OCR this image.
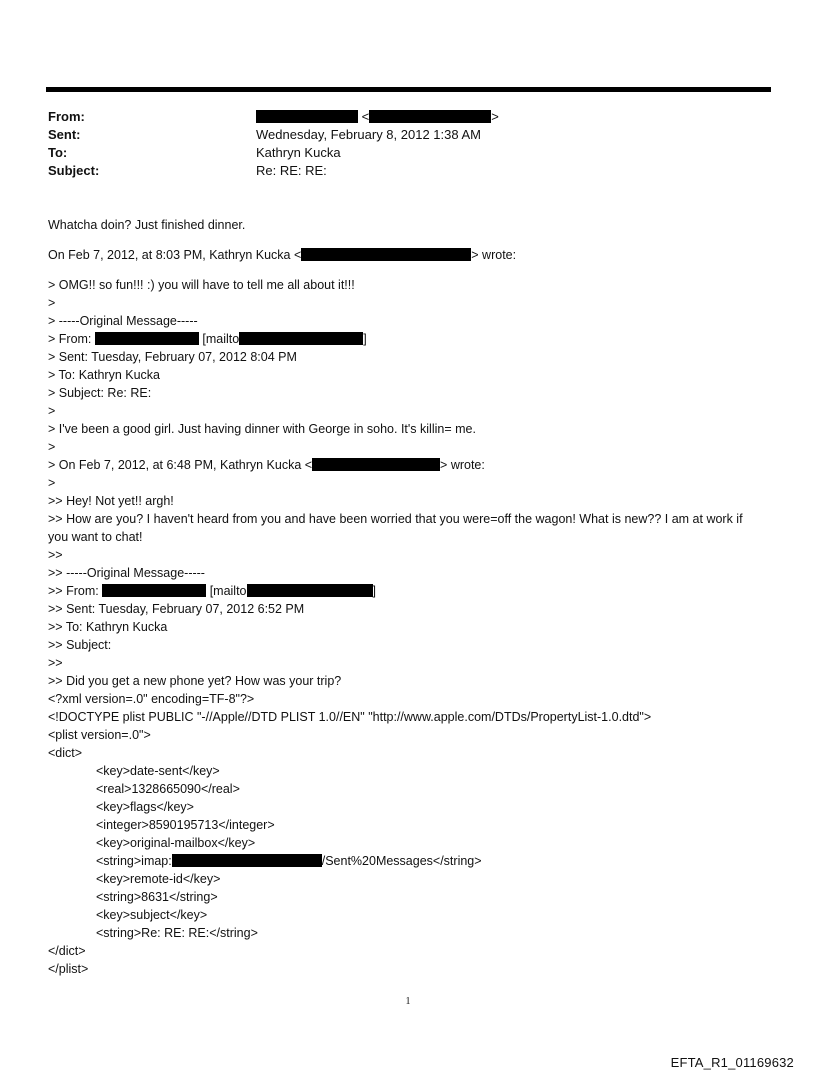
From:	<	>
Sent:	Wednesday, February 8, 2012 1:38 AM
To:	Kathryn Kucka
Subject:	Re: RE: RE:
Whatcha doin? Just finished dinner.
On Feb 7, 2012, at 8:03 PM, Kathryn Kucka <	> wrote:
> OMG!! so fun!!! :) you will have to tell me all about it!!!
>
> -----Original Message-----
> From:	[mailto	]
> Sent: Tuesday, February 07, 2012 8:04 PM
> To: Kathryn Kucka
> Subject: Re: RE:
>
> I've been a good girl. Just having dinner with George in soho. It's killin= me.
>
> On Feb 7, 2012, at 6:48 PM, Kathryn Kucka <	> wrote:
>
>> Hey! Not yet!! argh!
>> How are you? I haven't heard from you and have been worried that you were=off the wagon! What is new?? I am at work if you want to chat!
>>
>> -----Original Message-----
>> From:	[mailto	]
>> Sent: Tuesday, February 07, 2012 6:52 PM
>> To: Kathryn Kucka
>> Subject:
>>
>> Did you get a new phone yet? How was your trip?
<?xml version=.0" encoding=TF-8"?>
<!DOCTYPE plist PUBLIC "-//Apple//DTD PLIST 1.0//EN" "http://www.apple.com/DTDs/PropertyList-1.0.dtd">
<plist version=.0">
<dict>
<key>date-sent</key>
<real>1328665090</real>
<key>flags</key>
<integer>8590195713</integer>
<key>original-mailbox</key>
<string>imap:	/Sent%20Messages</string>
<key>remote-id</key>
<string>8631</string>
<key>subject</key>
<string>Re: RE: RE:</string>
</dict>
</plist>
1
EFTA_R1_01169632
